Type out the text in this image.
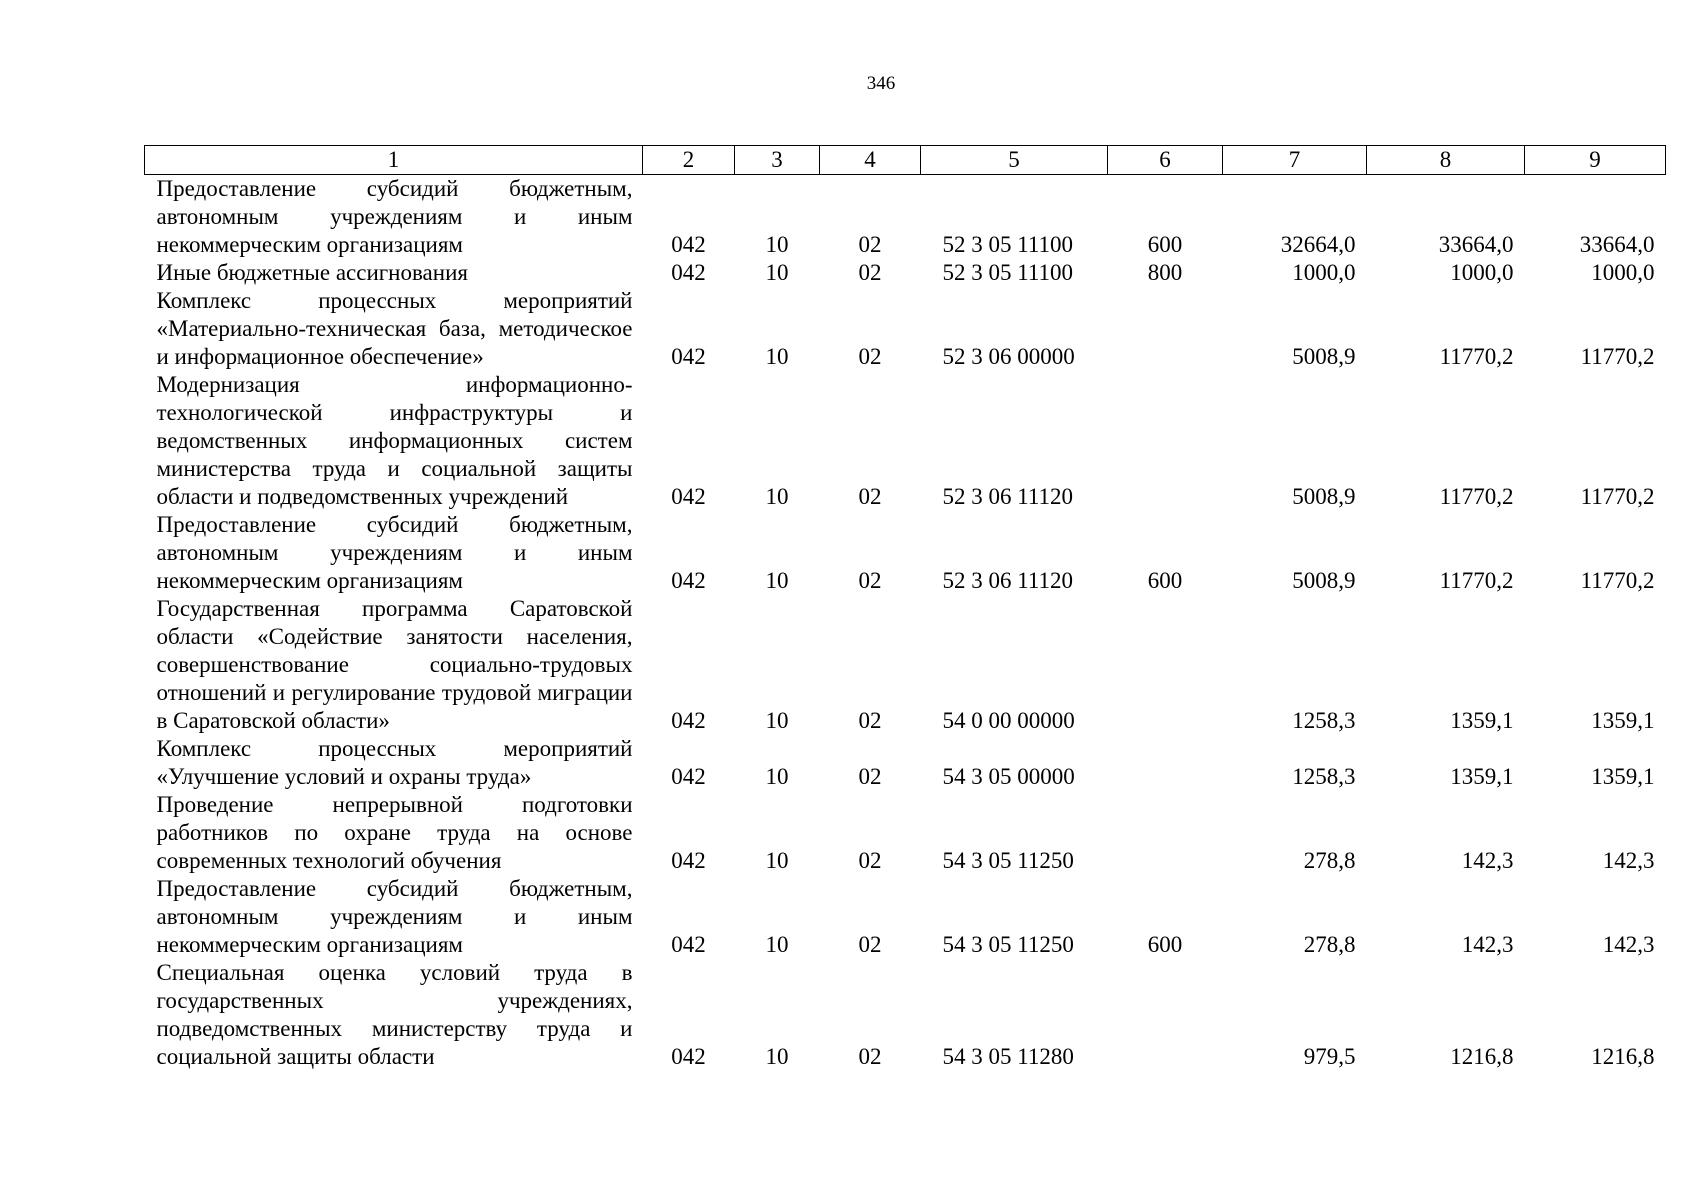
346
1	2	3	4	5	6	7	8	9
Предоставление субсидий бюджетным, автономным учреждениям и иным некоммерческим организациям	042	10	02	52 3 05 11100	600	32664,0	33664,0	33664,0
Иные бюджетные ассигнования	042	10	02	52 3 05 11100	800	1000,0	1000,0	1000,0
Комплекс процессных мероприятий «Материально-техническая база, методическое и информационное обеспечение»	042	10	02	52 3 06 00000		5008,9	11770,2	11770,2
Модернизация информационно-технологической инфраструктуры и ведомственных информационных систем министерства труда и социальной защиты области и подведомственных учреждений	042	10	02	52 3 06 11120		5008,9	11770,2	11770,2
Предоставление субсидий бюджетным, автономным учреждениям и иным некоммерческим организациям	042	10	02	52 3 06 11120	600	5008,9	11770,2	11770,2
Государственная программа Саратовской области «Содействие занятости населения, совершенствование социально-трудовых отношений и регулирование трудовой миграции в Саратовской области»	042	10	02	54 0 00 00000		1258,3	1359,1	1359,1
Комплекс процессных мероприятий «Улучшение условий и охраны труда»	042	10	02	54 3 05 00000		1258,3	1359,1	1359,1
Проведение непрерывной подготовки работников по охране труда на основе современных технологий обучения	042	10	02	54 3 05 11250		278,8	142,3	142,3
Предоставление субсидий бюджетным, автономным учреждениям и иным некоммерческим организациям	042	10	02	54 3 05 11250	600	278,8	142,3	142,3
Специальная оценка условий труда в государственных учреждениях, подведомственных министерству труда и социальной защиты области	042	10	02	54 3 05 11280		979,5	1216,8	1216,8
